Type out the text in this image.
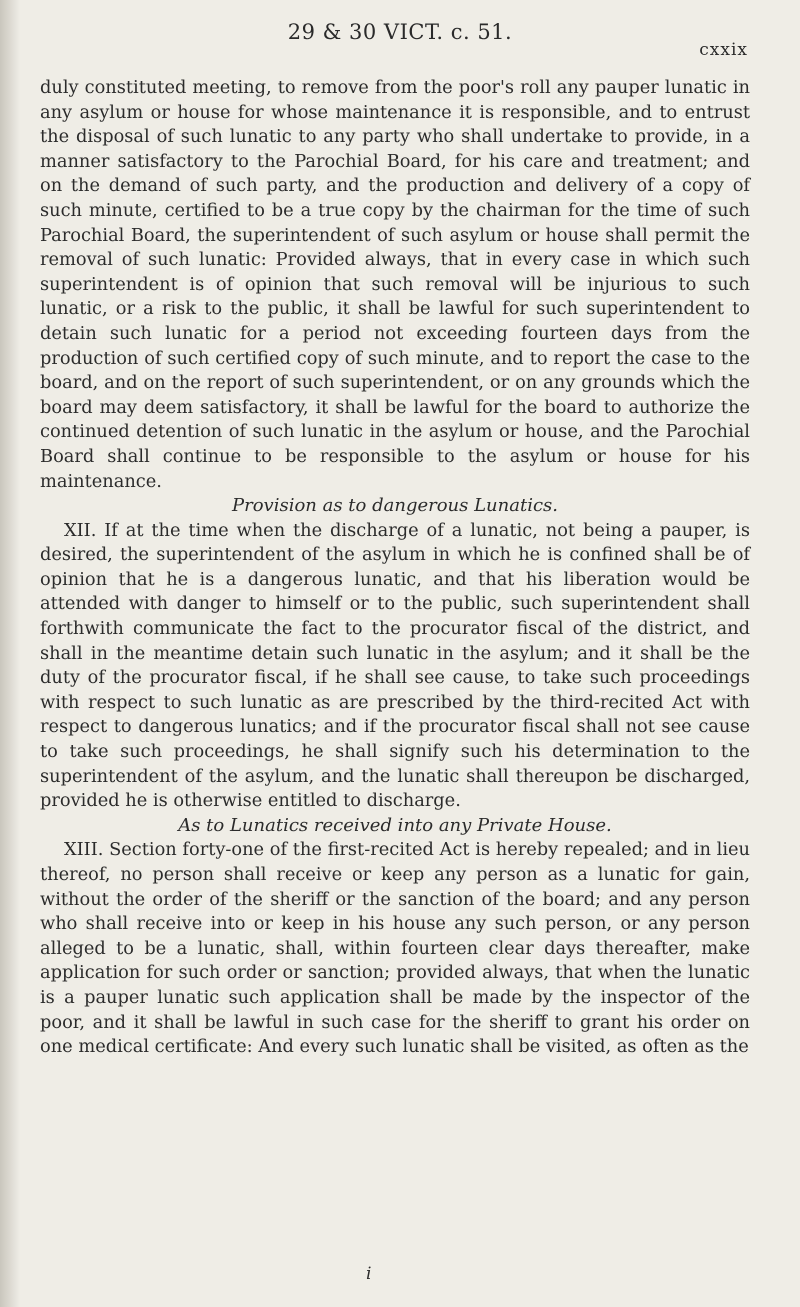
29 & 30 VICT. c. 51.
cxxix

duly constituted meeting, to remove from the poor's roll any pauper lunatic in any asylum or house for whose maintenance it is responsible, and to entrust the disposal of such lunatic to any party who shall undertake to provide, in a manner satisfactory to the Parochial Board, for his care and treatment; and on the demand of such party, and the production and delivery of a copy of such minute, certified to be a true copy by the chairman for the time of such Parochial Board, the superintendent of such asylum or house shall permit the removal of such lunatic: Provided always, that in every case in which such superintendent is of opinion that such removal will be injurious to such lunatic, or a risk to the public, it shall be lawful for such superintendent to detain such lunatic for a period not exceeding fourteen days from the production of such certified copy of such minute, and to report the case to the board, and on the report of such superintendent, or on any grounds which the board may deem satisfactory, it shall be lawful for the board to authorize the continued detention of such lunatic in the asylum or house, and the Parochial Board shall continue to be responsible to the asylum or house for his maintenance.

Provision as to dangerous Lunatics.

XII. If at the time when the discharge of a lunatic, not being a pauper, is desired, the superintendent of the asylum in which he is confined shall be of opinion that he is a dangerous lunatic, and that his liberation would be attended with danger to himself or to the public, such superintendent shall forthwith communicate the fact to the procurator fiscal of the district, and shall in the meantime detain such lunatic in the asylum; and it shall be the duty of the procurator fiscal, if he shall see cause, to take such proceedings with respect to such lunatic as are prescribed by the third-recited Act with respect to dangerous lunatics; and if the procurator fiscal shall not see cause to take such proceedings, he shall signify such his determination to the superintendent of the asylum, and the lunatic shall thereupon be discharged, provided he is otherwise entitled to discharge.

As to Lunatics received into any Private House.

XIII. Section forty-one of the first-recited Act is hereby repealed; and in lieu thereof, no person shall receive or keep any person as a lunatic for gain, without the order of the sheriff or the sanction of the board; and any person who shall receive into or keep in his house any such person, or any person alleged to be a lunatic, shall, within fourteen clear days thereafter, make application for such order or sanction; provided always, that when the lunatic is a pauper lunatic such application shall be made by the inspector of the poor, and it shall be lawful in such case for the sheriff to grant his order on one medical certificate: And every such lunatic shall be visited, as often as the

i
